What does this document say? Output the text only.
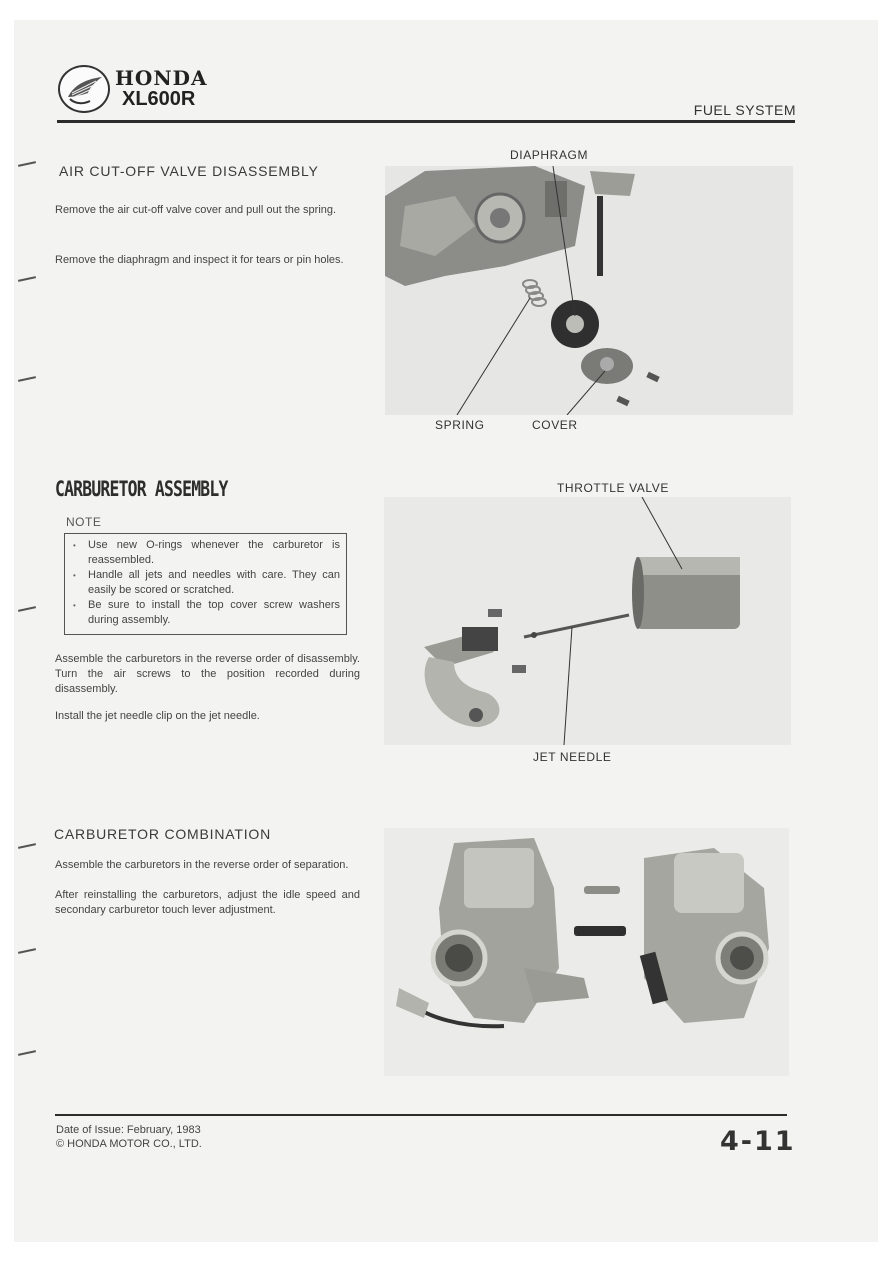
HONDA
XL600R	FUEL SYSTEM
AIR CUT-OFF VALVE DISASSEMBLY
Remove the air cut-off valve cover and pull out the spring.
Remove the diaphragm and inspect it for tears or pin holes.
DIAPHRAGM
SPRING	COVER
CARBURETOR ASSEMBLY
NOTE
• Use new O-rings whenever the carburetor is reassembled.
• Handle all jets and needles with care. They can easily be scored or scratched.
• Be sure to install the top cover screw washers during assembly.
Assemble the carburetors in the reverse order of disassembly. Turn the air screws to the position recorded during disassembly.
Install the jet needle clip on the jet needle.
THROTTLE VALVE
JET NEEDLE
CARBURETOR COMBINATION
Assemble the carburetors in the reverse order of separation.
After reinstalling the carburetors, adjust the idle speed and secondary carburetor touch lever adjustment.
Date of Issue: February, 1983
© HONDA MOTOR CO., LTD.	4-11
